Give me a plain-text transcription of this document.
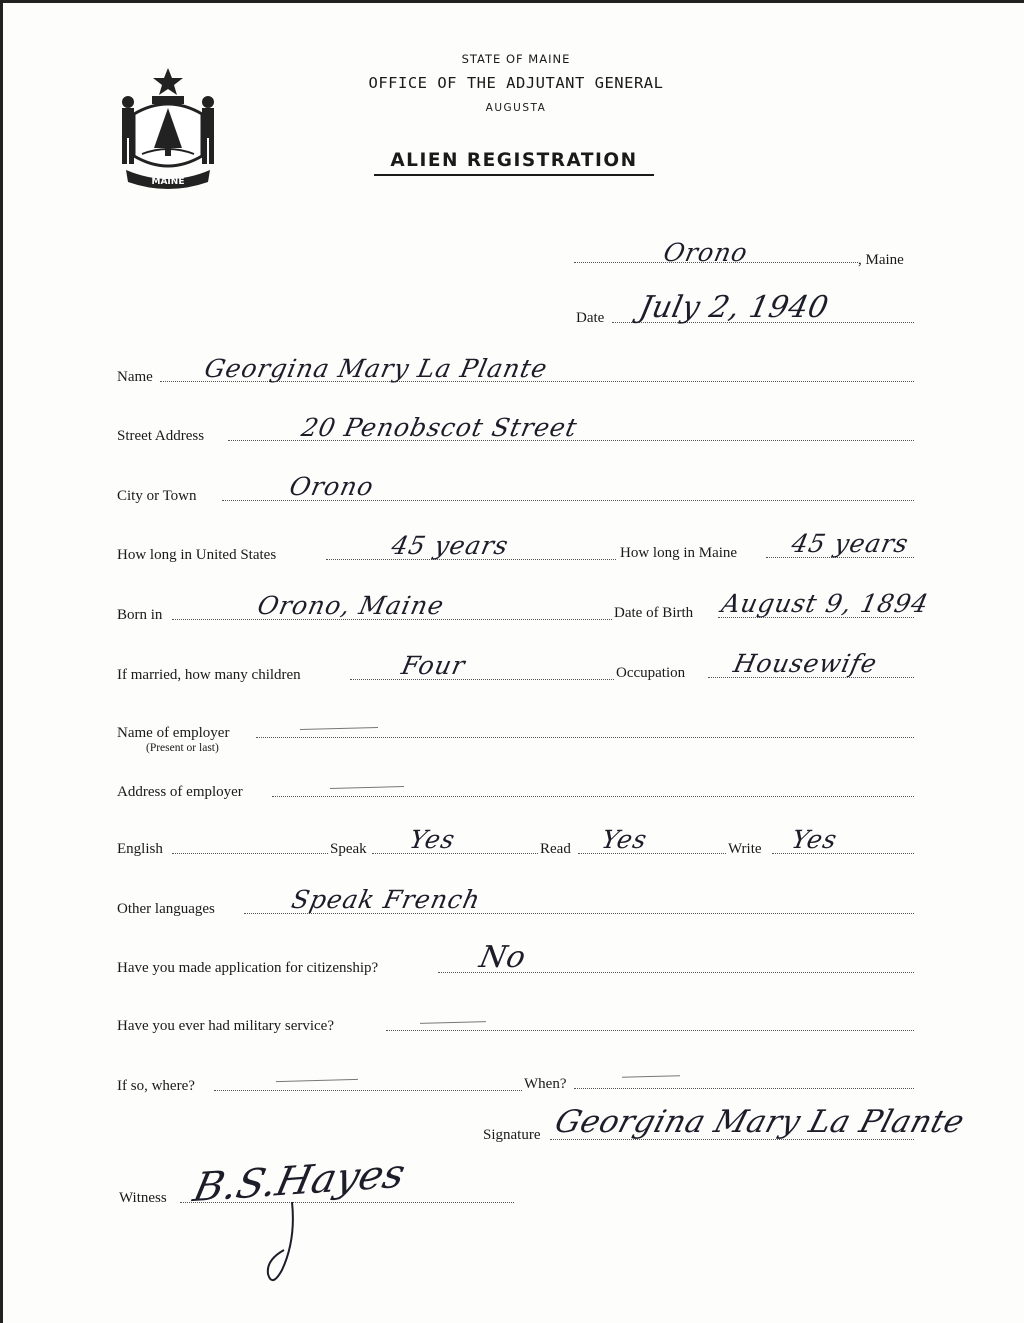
MAINE
STATE OF MAINE
OFFICE OF THE ADJUTANT GENERAL
AUGUSTA
ALIEN REGISTRATION
Orono	, Maine
Date July 2, 1940
Name Georgina Mary La Plante
Street Address	20 Penobscot Street
City or Town	Orono
How long in United States	45 years	How long in Maine 45 years
Born in	Orono, Maine	Date of Birth August 9, 1894
If married, how many children	Four	Occupation Housewife
Name of employer
(Present or last)
Address of employer
English	Speak Yes	Read Yes	Write Yes
Other languages	Speak French
Have you made application for citizenship?	No
Have you ever had military service?
If so, where?	When?
Signature Georgina Mary La Plante
Witness B.S.Hayes
